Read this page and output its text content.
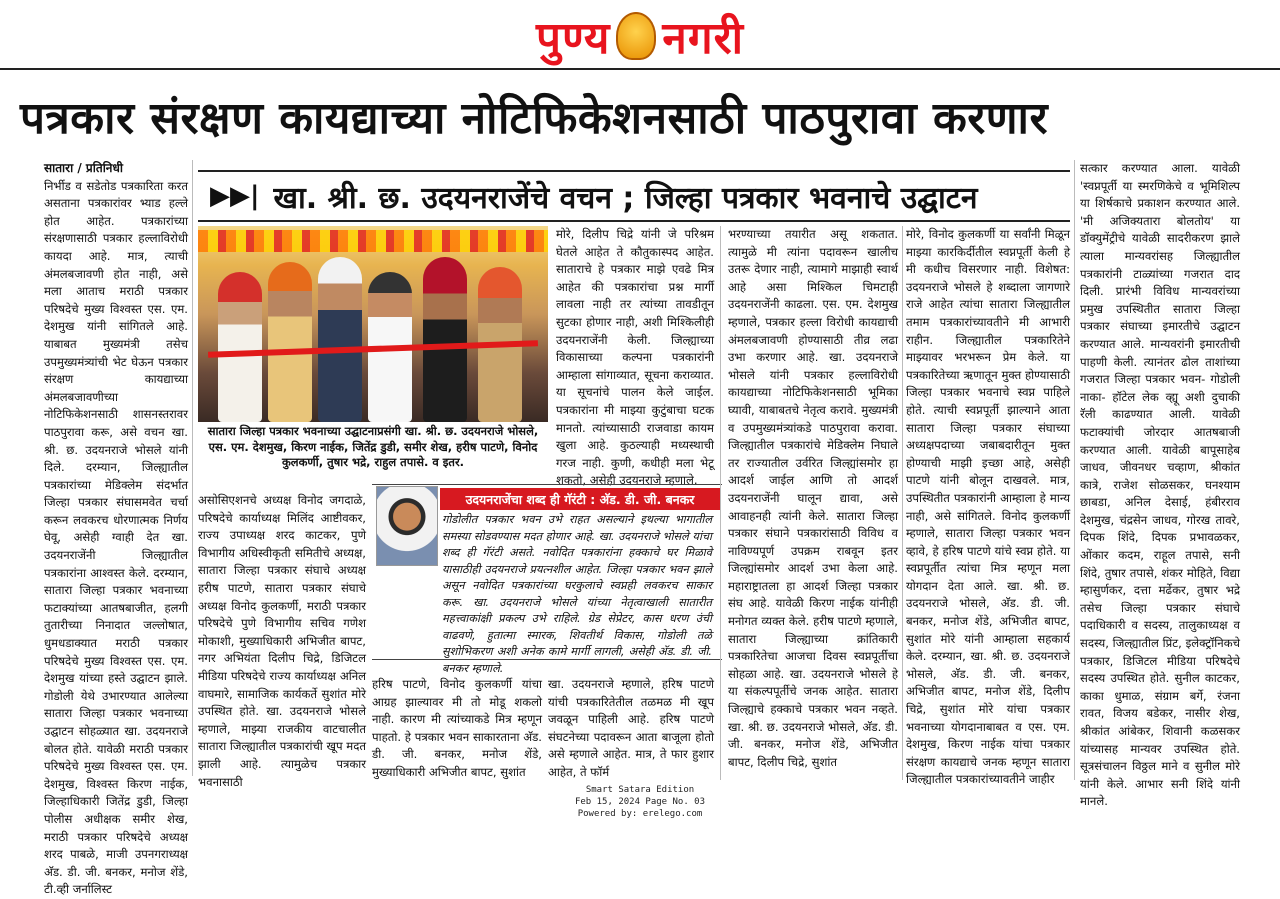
पुण्य नगरी
पत्रकार संरक्षण कायद्याच्या नोटिफिकेशनसाठी पाठपुरावा करणार
सातारा / प्रतिनिधी
निर्भीड व सडेतोड पत्रकारिता करत असताना पत्रकारांवर भ्याड हल्ले होत आहेत. पत्रकारांच्या संरक्षणासाठी पत्रकार हल्लाविरोधी कायदा आहे. मात्र, त्याची अंमलबजावणी होत नाही, असे मला आताच मराठी पत्रकार परिषदेचे मुख्य विश्वस्त एस. एम. देशमुख यांनी सांगितले आहे. याबाबत मुख्यमंत्री तसेच उपमुख्यमंत्र्यांची भेट घेऊन पत्रकार संरक्षण कायद्याच्या अंमलबजावणीच्या नोटिफिकेशनसाठी शासनस्तरावर पाठपुरावा करू, असे वचन खा. श्री. छ. उदयनराजे भोसले यांनी दिले. दरम्यान, जिल्ह्यातील पत्रकारांच्या मेडिक्लेम संदर्भात जिल्हा पत्रकार संघासमवेत चर्चा करून लवकरच धोरणात्मक निर्णय घेवू, असेही ग्वाही देत खा. उदयनराजेंनी जिल्ह्यातील पत्रकारांना आश्वस्त केले. दरम्यान, सातारा जिल्हा पत्रकार भवनाच्या फटाक्यांच्या आतषबाजीत, हलगी तुतारीच्या निनादात जल्लोषात, धुमधडाक्यात मराठी पत्रकार परिषदेचे मुख्य विश्वस्त एस. एम. देशमुख यांच्या हस्ते उद्घाटन झाले. गोडोली येथे उभारण्यात आलेल्या सातारा जिल्हा पत्रकार भवनाच्या उद्घाटन सोहळ्यात खा. उदयनराजे बोलत होते. यावेळी मराठी पत्रकार परिषदेचे मुख्य विश्वस्त एस. एम. देशमुख, विश्वस्त किरण नाईक, जिल्हाधिकारी जितेंद्र डुडी, जिल्हा पोलीस अधीक्षक समीर शेख, मराठी पत्रकार परिषदेचे अध्यक्ष शरद पाबळे, माजी उपनगराध्यक्ष अ‍ॅड. डी. जी. बनकर, मनोज शेंडे, टी.व्ही जर्नालिस्ट
▶▶| खा. श्री. छ. उदयनराजेंचे वचन ; जिल्हा पत्रकार भवनाचे उद्घाटन
सातारा जिल्हा पत्रकार भवनाच्या उद्घाटनाप्रसंगी खा. श्री. छ. उदयनराजे भोसले, एस. एम. देशमुख, किरण नाईक, जितेंद्र डुडी, समीर शेख, हरीष पाटणे, विनोद कुलकर्णी, तुषार भद्रे, राहुल तपासे. व इतर.
मोरे, दिलीप चिद्रे यांनी जे परिश्रम घेतले आहेत ते कौतुकास्पद आहेत. साताराचे हे पत्रकार माझे एवढे मित्र आहेत की पत्रकारांचा प्रश्न मार्गी लावला नाही तर त्यांच्या तावडीतून सुटका होणार नाही, अशी मिश्किलीही उदयनराजेंनी केली. जिल्ह्याच्या विकासाच्या कल्पना पत्रकारांनी आम्हाला सांगाव्यात, सूचना कराव्यात. या सूचनांचे पालन केले जाईल. पत्रकारांना मी माझ्या कुटुंबाचा घटक मानतो. त्यांच्यासाठी राजवाडा कायम खुला आहे. कुठल्याही मध्यस्थाची गरज नाही. कुणी, कधीही मला भेटू शकतो, असेही उदयनराजे म्हणाले.
असोसिएशनचे अध्यक्ष विनोद जगदाळे, परिषदेचे कार्याध्यक्ष मिलिंद आष्टीवकर, राज्य उपाध्यक्ष शरद काटकर, पुणे विभागीय अधिस्वीकृती समितीचे अध्यक्ष, सातारा जिल्हा पत्रकार संघाचे अध्यक्ष हरीष पाटणे, सातारा पत्रकार संघाचे अध्यक्ष विनोद कुलकर्णी, मराठी पत्रकार परिषदेचे पुणे विभागीय सचिव गणेश मोकाशी, मुख्याधिकारी अभिजीत बापट, नगर अभियंता दिलीप चिद्रे, डिजिटल मीडिया परिषदेचे राज्य कार्याध्यक्ष अनिल वाघमारे, सामाजिक कार्यकर्ते सुशांत मोरे उपस्थित होते. खा. उदयनराजे भोसले म्हणाले, माझ्या राजकीय वाटचालीत सातारा जिल्ह्यातील पत्रकारांची खूप मदत झाली आहे. त्यामुळेच पत्रकार भवनासाठी
उदयनराजेंचा शब्द ही गॅरंटी : अ‍ॅड. डी. जी. बनकर
गोडोलीत पत्रकार भवन उभे राहत असल्याने इथल्या भागातील समस्या सोडवण्यास मदत होणार आहे. खा. उदयनराजे भोसले यांचा शब्द ही गॅरंटी असते. नवोदित पत्रकारांना हक्काचे घर मिळावे यासाठीही उदयनराजे प्रयत्नशील आहेत. जिल्हा पत्रकार भवन झाले असून नवोदित पत्रकारांच्या घरकुलाचे स्वप्नही लवकरच साकार करू. खा. उदयनराजे भोसले यांच्या नेतृत्वाखाली सातारीत महत्त्वाकांक्षी प्रकल्प उभे राहिले. ग्रेड सेप्रेटर, कास धरण उंची वाढवणे, हुतात्मा स्मारक, शिवतीर्थ विकास, गोडोली तळे सुशोभिकरण अशी अनेक कामे मार्गी लागली, असेही अ‍ॅड. डी. जी. बनकर म्हणाले.
हरिष पाटणे, विनोद कुलकर्णी यांचा आग्रह झाल्यावर मी तो मोडू शकलो नाही. कारण मी त्यांच्याकडे मित्र म्हणून पाहतो. हे पत्रकार भवन साकारताना अ‍ॅड. डी. जी. बनकर, मनोज शेंडे, मुख्याधिकारी अभिजीत बापट, सुशांत
खा. उदयनराजे म्हणाले, हरिष पाटणे यांची पत्रकारितेतील तळमळ मी खूप जवळून पाहिली आहे. हरिष पाटणे संघटनेच्या पदावरून आता बाजूला होतो असे म्हणाले आहेत. मात्र, ते फार हुशार आहेत, ते फॉर्म
भरण्याच्या तयारीत असू शकतात. त्यामुळे मी त्यांना पदावरून खालीच उतरू देणार नाही, त्यामागे माझाही स्वार्थ आहे असा मिश्किल चिमटाही उदयनराजेंनी काढला. एस. एम. देशमुख म्हणाले, पत्रकार हल्ला विरोधी कायद्याची अंमलबजावणी होण्यासाठी तीव्र लढा उभा करणार आहे. खा. उदयनराजे भोसले यांनी पत्रकार हल्लाविरोधी कायद्याच्या नोटिफिकेशनसाठी भूमिका घ्यावी, याबाबतचे नेतृत्व करावे. मुख्यमंत्री व उपमुख्यमंत्र्यांकडे पाठपुरावा करावा. जिल्ह्यातील पत्रकारांचे मेडिक्लेम निघाले तर राज्यातील उर्वरित जिल्ह्यांसमोर हा आदर्श जाईल आणि तो आदर्श उदयनराजेंनी घालून द्यावा, असे आवाहनही त्यांनी केले. सातारा जिल्हा पत्रकार संघाने पत्रकारांसाठी विविध व नाविण्यपूर्ण उपक्रम राबवून इतर जिल्ह्यांसमोर आदर्श उभा केला आहे. महाराष्ट्रातला हा आदर्श जिल्हा पत्रकार संघ आहे. यावेळी किरण नाईक यांनीही मनोगत व्यक्त केले. हरीष पाटणे म्हणाले, सातारा जिल्ह्याच्या क्रांतिकारी पत्रकारितेचा आजचा दिवस स्वप्नपूर्तीचा सोहळा आहे. खा. उदयनराजे भोसले हे या संकल्पपूर्तीचे जनक आहेत. सातारा जिल्ह्याचे हक्काचे पत्रकार भवन नव्हते. खा. श्री. छ. उदयनराजे भोसले, अ‍ॅड. डी. जी. बनकर, मनोज शेंडे, अभिजीत बापट, दिलीप चिद्रे, सुशांत
मोरे, विनोद कुलकर्णी या सर्वांनी मिळून माझ्या कारकिर्दीतील स्वप्नपूर्ती केली हे मी कधीच विसरणार नाही. विशेषत: उदयनराजे भोसले हे शब्दाला जागणारे राजे आहेत त्यांचा सातारा जिल्ह्यातील तमाम पत्रकारांच्यावतीने मी आभारी राहीन. जिल्ह्यातील पत्रकारितेने माझ्यावर भरभरून प्रेम केले. या पत्रकारितेच्या ऋणातून मुक्त होण्यासाठी जिल्हा पत्रकार भवनाचे स्वप्न पाहिले होते. त्याची स्वप्नपूर्ती झाल्याने आता सातारा जिल्हा पत्रकार संघाच्या अध्यक्षपदाच्या जबाबदारीतून मुक्त होण्याची माझी इच्छा आहे, असेही पाटणे यांनी बोलून दाखवले. मात्र, उपस्थितीत पत्रकारांनी आम्हाला हे मान्य नाही, असे सांगितले. विनोद कुलकर्णी म्हणाले, सातारा जिल्हा पत्रकार भवन व्हावे, हे हरिष पाटणे यांचे स्वप्न होते. या स्वप्नपूर्तीत त्यांचा मित्र म्हणून मला योगदान देता आले. खा. श्री. छ. उदयनराजे भोसले, अ‍ॅड. डी. जी. बनकर, मनोज शेंडे, अभिजीत बापट, सुशांत मोरे यांनी आम्हाला सहकार्य केले. दरम्यान, खा. श्री. छ. उदयनराजे भोसले, अ‍ॅड. डी. जी. बनकर, अभिजीत बापट, मनोज शेंडे, दिलीप चिद्रे, सुशांत मोरे यांचा पत्रकार भवनाच्या योगदानाबाबत व एस. एम. देशमुख, किरण नाईक यांचा पत्रकार संरक्षण कायद्याचे जनक म्हणून सातारा जिल्ह्यातील पत्रकारांच्यावतीने जाहीर
सत्कार करण्यात आला. यावेळी 'स्वप्नपूर्ती या स्मरणिकेचे व भूमिशिल्प या शिर्षकाचे प्रकाशन करण्यात आले. 'मी अजिक्यतारा बोलतोय' या डॉक्युमेंट्रीचे यावेळी सादरीकरण झाले त्याला मान्यवरांसह जिल्ह्यातील पत्रकारांनी टाळ्यांच्या गजरात दाद दिली. प्रारंभी विविध मान्यवरांच्या प्रमुख उपस्थितीत सातारा जिल्हा पत्रकार संघाच्या इमारतीचे उद्घाटन करण्यात आले. मान्यवरांनी इमारतीची पाहणी केली. त्यानंतर ढोल ताशांच्या गजरात जिल्हा पत्रकार भवन- गोडोली नाका- हॉटेल लेक व्ह्यू अशी दुचाकी रॅली काढण्यात आली. यावेळी फटाक्यांची जोरदार आतषबाजी करण्यात आली. यावेळी बापूसाहेब जाधव, जीवनधर चव्हाण, श्रीकांत कात्रे, राजेश सोळसकर, घनश्याम छाबडा, अनिल देसाई, हंबीरराव देशमुख, चंद्रसेन जाधव, गोरख तावरे, दिपक शिंदे, दिपक प्रभावळकर, ओंकार कदम, राहूल तपासे, सनी शिंदे, तुषार तपासे, शंकर मोहिते, विद्या म्हासुर्णकर, दत्ता मर्ढेकर, तुषार भद्रे तसेच जिल्हा पत्रकार संघाचे पदाधिकारी व सदस्य, तालुकाध्यक्ष व सदस्य, जिल्ह्यातील प्रिंट, इलेक्ट्रॉनिकचे पत्रकार, डिजिटल मीडिया परिषदेचे सदस्य उपस्थित होते. सुनील काटकर, काका धुमाळ, संग्राम बर्गे, रंजना रावत, विजय बडेकर, नासीर शेख, श्रीकांत आंबेकर, शिवानी कळसकर यांच्यासह मान्यवर उपस्थित होते. सूत्रसंचालन विठ्ठल माने व सुनील मोरे यांनी केले. आभार सनी शिंदे यांनी मानले.
Smart Satara Edition
Feb 15, 2024 Page No. 03
Powered by: erelego.com
